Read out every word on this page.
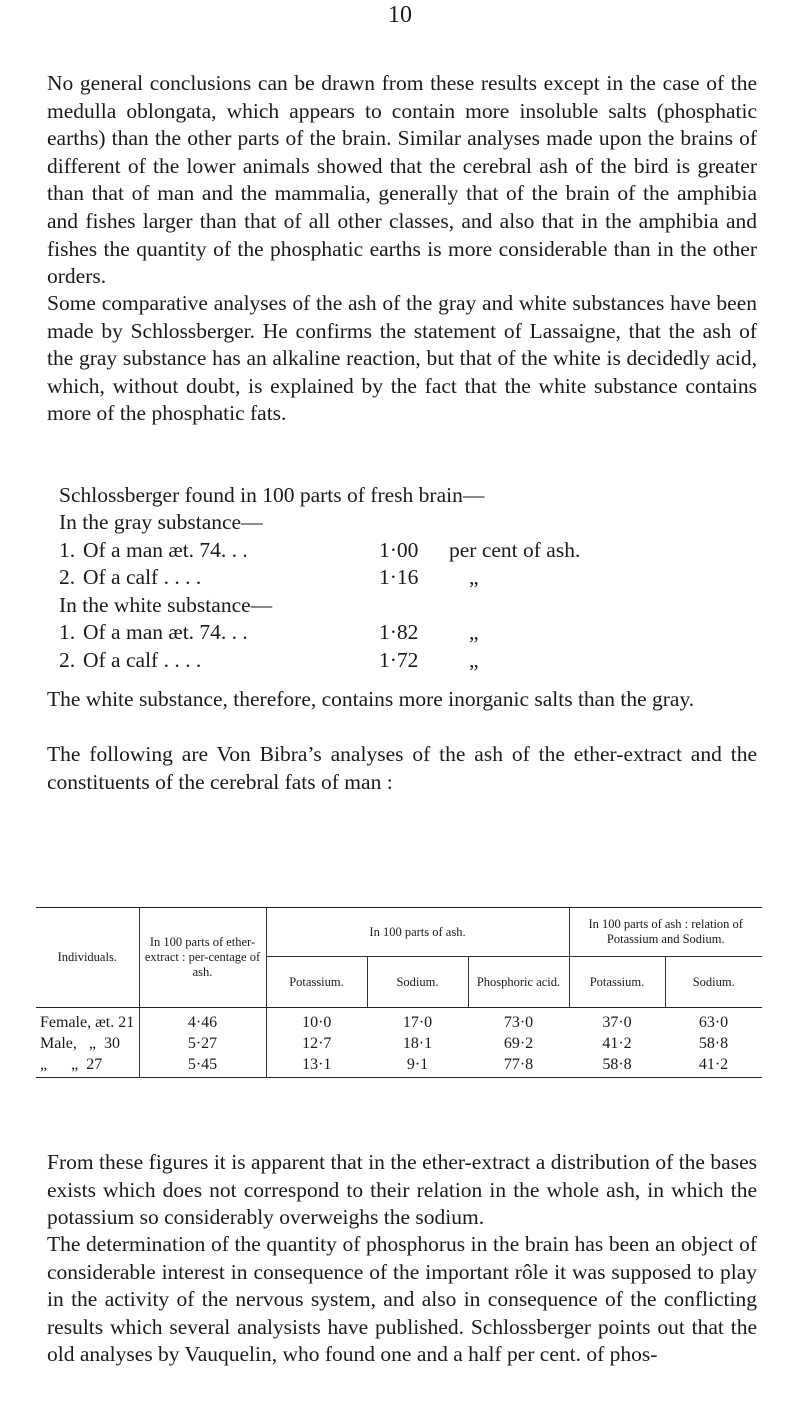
10

No general conclusions can be drawn from these results except in the case of the medulla oblongata, which appears to contain more insoluble salts (phosphatic earths) than the other parts of the brain. Similar analyses made upon the brains of different of the lower animals showed that the cerebral ash of the bird is greater than that of man and the mammalia, generally that of the brain of the amphibia and fishes larger than that of all other classes, and also that in the amphibia and fishes the quantity of the phosphatic earths is more considerable than in the other orders.

Some comparative analyses of the ash of the gray and white substances have been made by Schlossberger. He confirms the statement of Lassaigne, that the ash of the gray substance has an alkaline reaction, but that of the white is decidedly acid, which, without doubt, is explained by the fact that the white substance contains more of the phosphatic fats.

Schlossberger found in 100 parts of fresh brain—

In the gray substance—
1. Of a man æt. 74. . .	1·00 per cent of ash.
2. Of a calf . . . .	1·16 „
In the white substance—
1. Of a man æt. 74. . .	1·82 „
2. Of a calf . . . .	1·72 „

The white substance, therefore, contains more inorganic salts than the gray.

The following are Von Bibra’s analyses of the ash of the ether-extract and the constituents of the cerebral fats of man :

Individuals.	In 100 parts of ether-extract : per-centage of ash.	In 100 parts of ash.			In 100 parts of ash : relation of Potassium and Sodium.	
		Potassium.	Sodium.	Phosphoric acid.	Potassium.	Sodium.
Female, æt. 21	4·46	10·0	17·0	73·0	37·0	63·0
Male,   „  30	5·27	12·7	18·1	69·2	41·2	58·8
„      „  27	5·45	13·1	9·1	77·8	58·8	41·2

From these figures it is apparent that in the ether-extract a distribution of the bases exists which does not correspond to their relation in the whole ash, in which the potassium so considerably overweighs the sodium.

The determination of the quantity of phosphorus in the brain has been an object of considerable interest in consequence of the important rôle it was supposed to play in the activity of the nervous system, and also in consequence of the conflicting results which several analysists have published. Schlossberger points out that the old analyses by Vauquelin, who found one and a half per cent. of phos-
